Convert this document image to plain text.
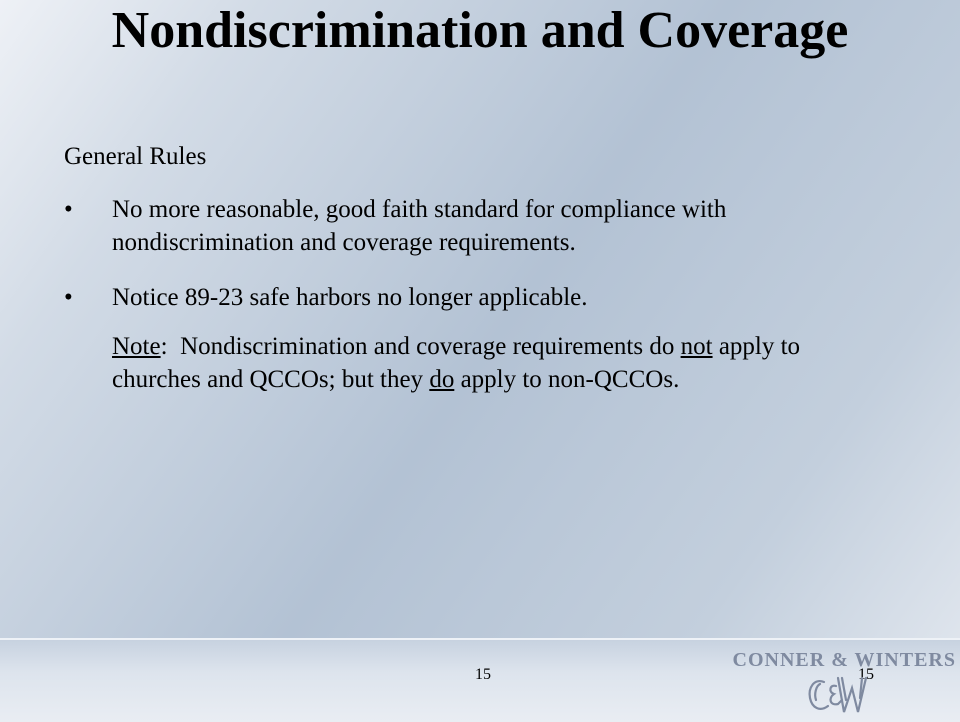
Nondiscrimination and Coverage

General Rules

• No more reasonable, good faith standard for compliance with nondiscrimination and coverage requirements.
• Notice 89-23 safe harbors no longer applicable.
Note:  Nondiscrimination and coverage requirements do not apply to churches and QCCOs; but they do apply to non-QCCOs.
15	15
CONNER & WINTERS
